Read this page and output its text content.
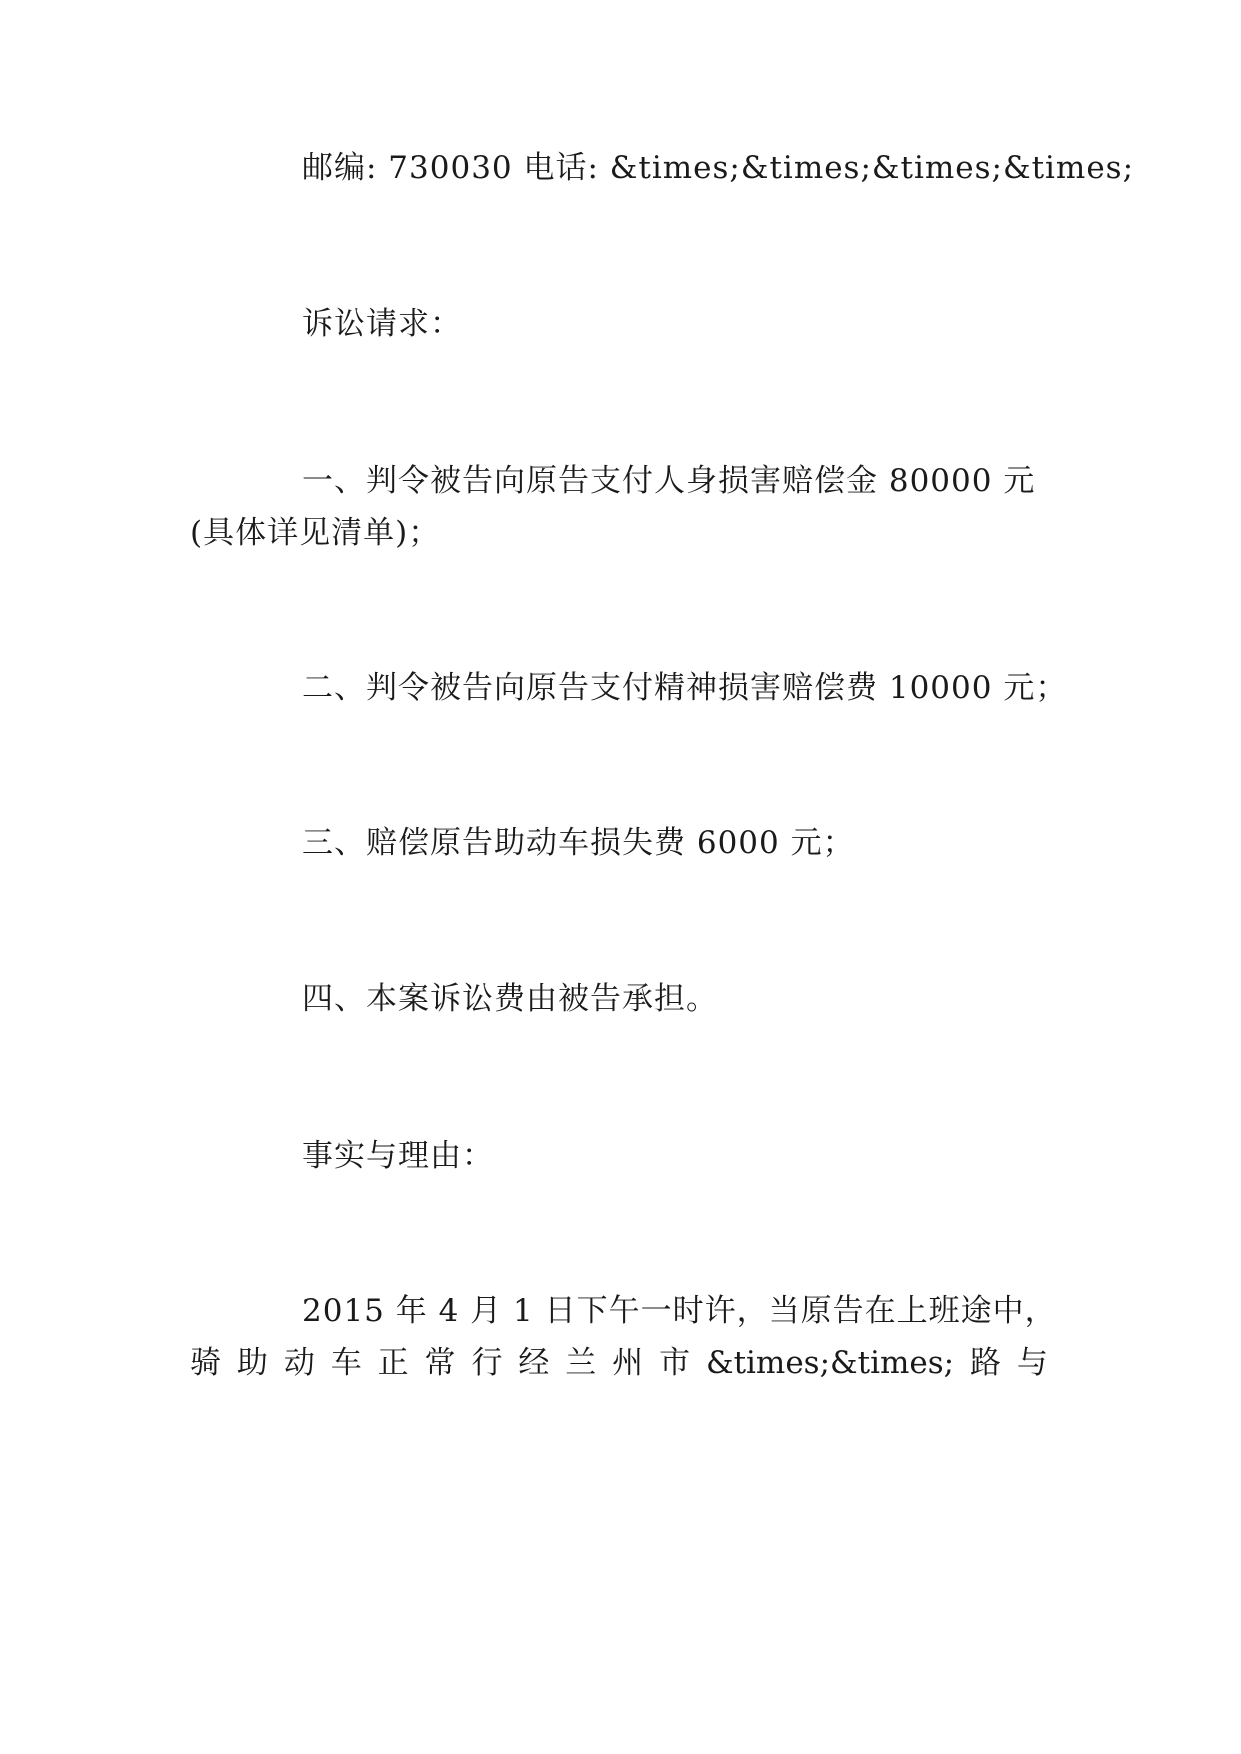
邮编: 730030 电话: &times;&times;&times;&times;
诉讼请求：
一、判令被告向原告支付人身损害赔偿金 80000 元
(具体详见清单)；
二、判令被告向原告支付精神损害赔偿费 10000 元；
三、赔偿原告助动车损失费 6000 元；
四、本案诉讼费由被告承担。
事实与理由：
2015 年 4 月 1 日下午一时许，当原告在上班途中，
骑 助 动 车 正 常 行 经 兰 州 市 &times;&times; 路 与
